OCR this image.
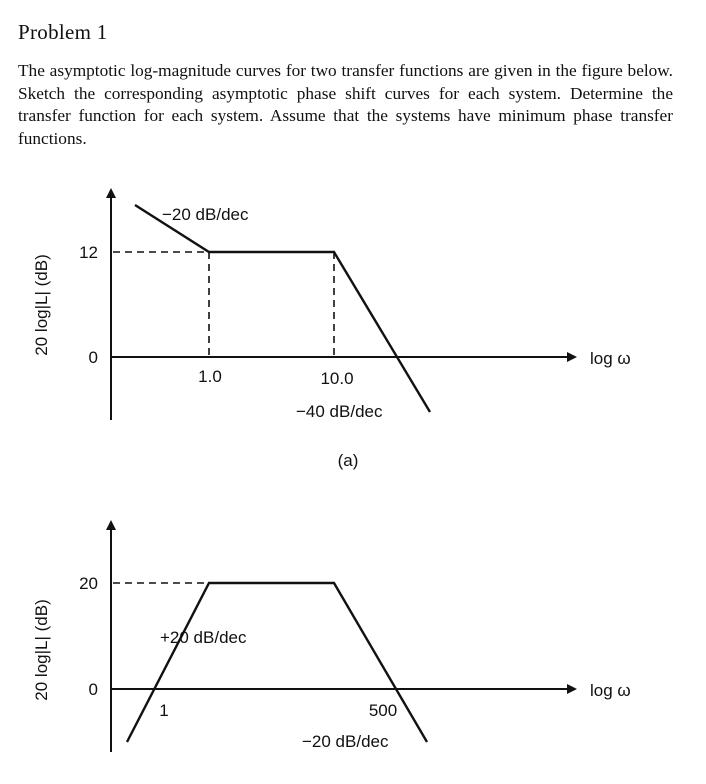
Problem 1

The asymptotic log-magnitude curves for two transfer functions are given in the figure below. Sketch the corresponding asymptotic phase shift curves for each system. Determine the transfer function for each system. Assume that the systems have minimum phase transfer functions.

20 log|L| (dB)
12
0
1.0	10.0
−20 dB/dec
−40 dB/dec
log ω
(a)
20 log|L| (dB)
20
0
1	500
+20 dB/dec
−20 dB/dec
log ω
